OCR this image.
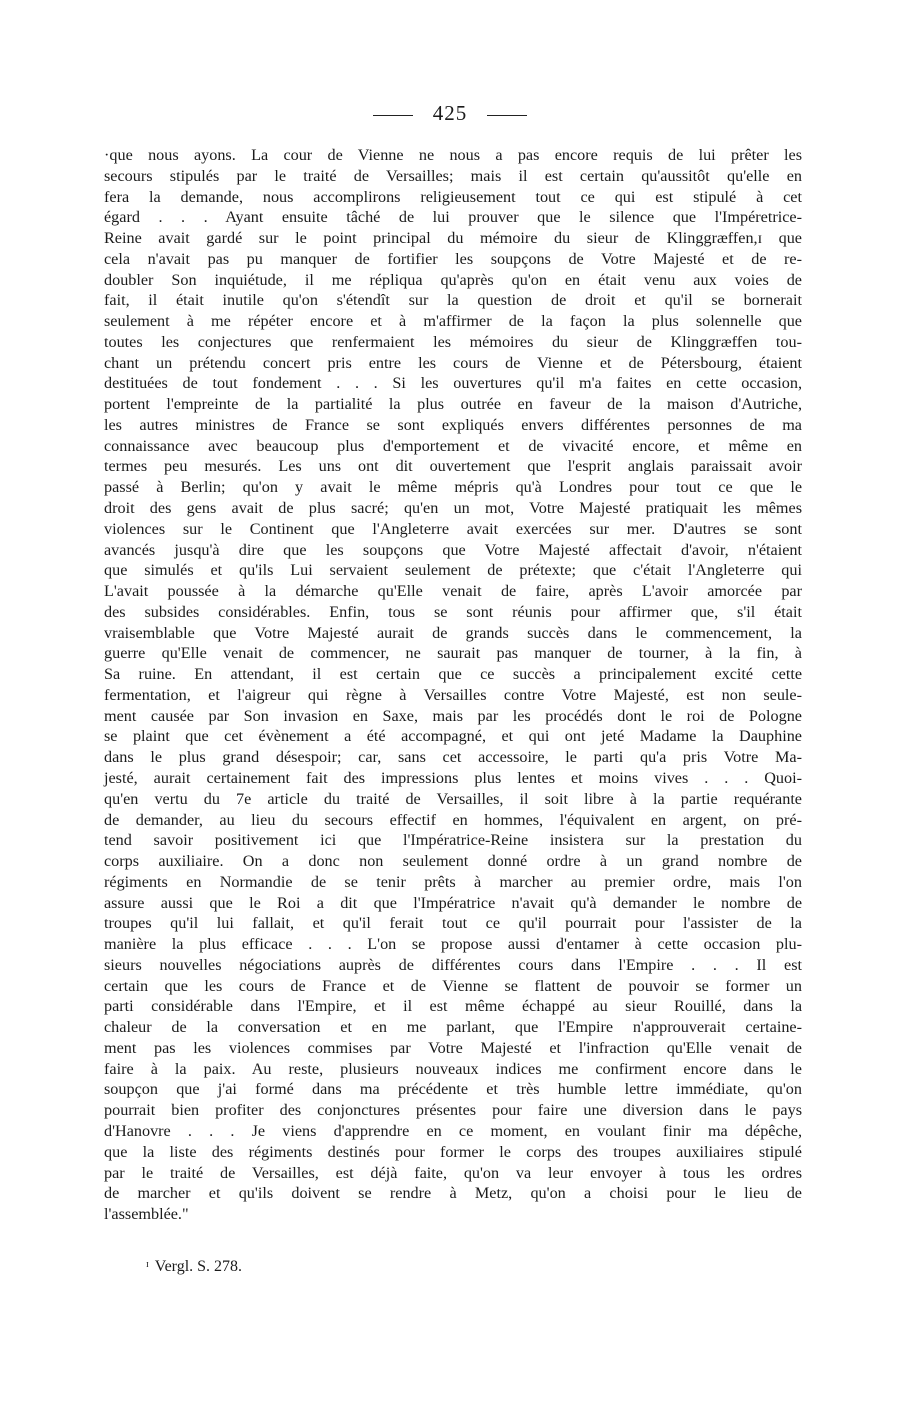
425
·que nous ayons. La cour de Vienne ne nous a pas encore requis de lui prêter les
secours stipulés par le traité de Versailles; mais il est certain qu'aussitôt qu'elle en
fera la demande, nous accomplirons religieusement tout ce qui est stipulé à cet
égard . . . Ayant ensuite tâché de lui prouver que le silence que l'Impéretrice-
Reine avait gardé sur le point principal du mémoire du sieur de Klinggræffen,ɪ que
cela n'avait pas pu manquer de fortifier les soupçons de Votre Majesté et de re-
doubler Son inquiétude, il me répliqua qu'après qu'on en était venu aux voies de
fait, il était inutile qu'on s'étendît sur la question de droit et qu'il se bornerait
seulement à me répéter encore et à m'affirmer de la façon la plus solennelle que
toutes les conjectures que renfermaient les mémoires du sieur de Klinggræffen tou-
chant un prétendu concert pris entre les cours de Vienne et de Pétersbourg, étaient
destituées de tout fondement . . . Si les ouvertures qu'il m'a faites en cette occasion,
portent l'empreinte de la partialité la plus outrée en faveur de la maison d'Autriche,
les autres ministres de France se sont expliqués envers différentes personnes de ma
connaissance avec beaucoup plus d'emportement et de vivacité encore, et même en
termes peu mesurés. Les uns ont dit ouvertement que l'esprit anglais paraissait avoir
passé à Berlin; qu'on y avait le même mépris qu'à Londres pour tout ce que le
droit des gens avait de plus sacré; qu'en un mot, Votre Majesté pratiquait les mêmes
violences sur le Continent que l'Angleterre avait exercées sur mer. D'autres se sont
avancés jusqu'à dire que les soupçons que Votre Majesté affectait d'avoir, n'étaient
que simulés et qu'ils Lui servaient seulement de prétexte; que c'était l'Angleterre qui
L'avait poussée à la démarche qu'Elle venait de faire, après L'avoir amorcée par
des subsides considérables. Enfin, tous se sont réunis pour affirmer que, s'il était
vraisemblable que Votre Majesté aurait de grands succès dans le commencement, la
guerre qu'Elle venait de commencer, ne saurait pas manquer de tourner, à la fin, à
Sa ruine. En attendant, il est certain que ce succès a principalement excité cette
fermentation, et l'aigreur qui règne à Versailles contre Votre Majesté, est non seule-
ment causée par Son invasion en Saxe, mais par les procédés dont le roi de Pologne
se plaint que cet évènement a été accompagné, et qui ont jeté Madame la Dauphine
dans le plus grand désespoir; car, sans cet accessoire, le parti qu'a pris Votre Ma-
jesté, aurait certainement fait des impressions plus lentes et moins vives . . . Quoi-
qu'en vertu du 7e article du traité de Versailles, il soit libre à la partie requérante
de demander, au lieu du secours effectif en hommes, l'équivalent en argent, on pré-
tend savoir positivement ici que l'Impératrice-Reine insistera sur la prestation du
corps auxiliaire. On a donc non seulement donné ordre à un grand nombre de
régiments en Normandie de se tenir prêts à marcher au premier ordre, mais l'on
assure aussi que le Roi a dit que l'Impératrice n'avait qu'à demander le nombre de
troupes qu'il lui fallait, et qu'il ferait tout ce qu'il pourrait pour l'assister de la
manière la plus efficace . . . L'on se propose aussi d'entamer à cette occasion plu-
sieurs nouvelles négociations auprès de différentes cours dans l'Empire . . . Il est
certain que les cours de France et de Vienne se flattent de pouvoir se former un
parti considérable dans l'Empire, et il est même échappé au sieur Rouillé, dans la
chaleur de la conversation et en me parlant, que l'Empire n'approuverait certaine-
ment pas les violences commises par Votre Majesté et l'infraction qu'Elle venait de
faire à la paix. Au reste, plusieurs nouveaux indices me confirment encore dans le
soupçon que j'ai formé dans ma précédente et très humble lettre immédiate, qu'on
pourrait bien profiter des conjonctures présentes pour faire une diversion dans le pays
d'Hanovre . . . Je viens d'apprendre en ce moment, en voulant finir ma dépêche,
que la liste des régiments destinés pour former le corps des troupes auxiliaires stipulé
par le traité de Versailles, est déjà faite, qu'on va leur envoyer à tous les ordres
de marcher et qu'ils doivent se rendre à Metz, qu'on a choisi pour le lieu de
l'assemblée."
$^ɪ$ Vergl. S. 278.
